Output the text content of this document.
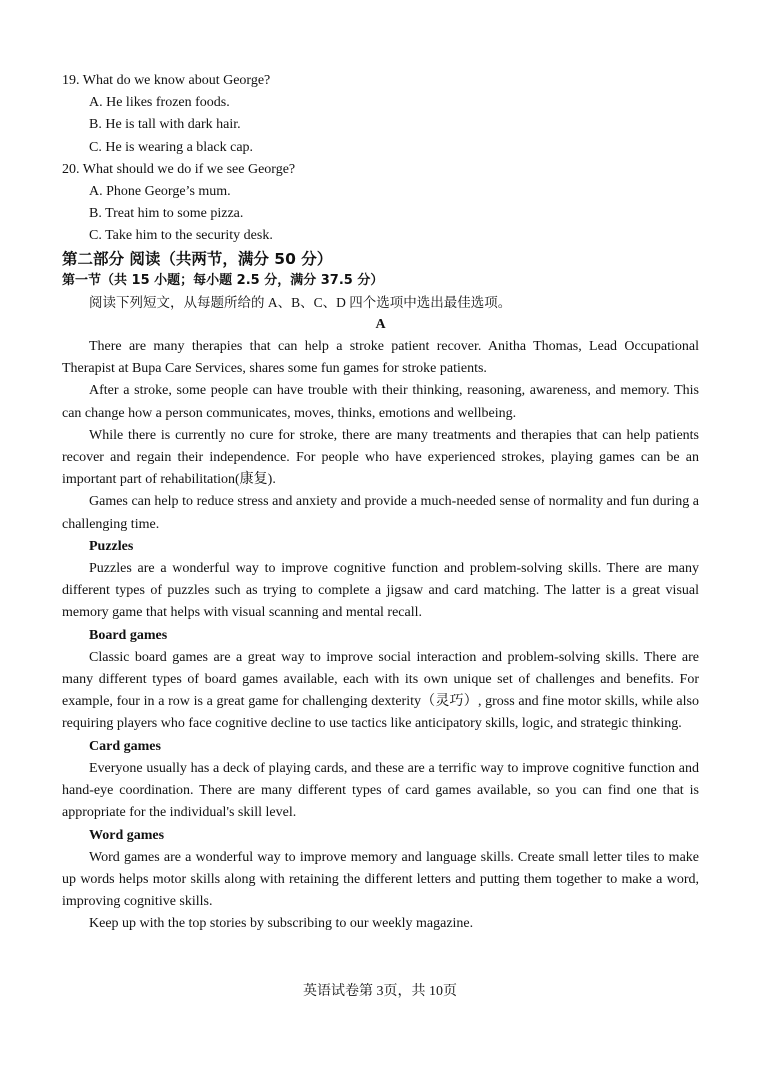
19. What do we know about George?
A. He likes frozen foods.
B. He is tall with dark hair.
C. He is wearing a black cap.
20. What should we do if we see George?
A. Phone George’s mum.
B. Treat him to some pizza.
C. Take him to the security desk.
第二部分 阅读（共两节，满分 50 分）
第一节（共 15 小题；每小题 2.5 分，满分 37.5 分）
阅读下列短文，从每题所给的 A、B、C、D 四个选项中选出最佳选项。
A

There are many therapies that can help a stroke patient recover. Anitha Thomas, Lead Occupational Therapist at Bupa Care Services, shares some fun games for stroke patients.

After a stroke, some people can have trouble with their thinking, reasoning, awareness, and memory. This can change how a person communicates, moves, thinks, emotions and wellbeing.

While there is currently no cure for stroke, there are many treatments and therapies that can help patients recover and regain their independence. For people who have experienced strokes, playing games can be an important part of rehabilitation(康复).

Games can help to reduce stress and anxiety and provide a much-needed sense of normality and fun during a challenging time.

Puzzles

Puzzles are a wonderful way to improve cognitive function and problem-solving skills. There are many different types of puzzles such as trying to complete a jigsaw and card matching. The latter is a great visual memory game that helps with visual scanning and mental recall.

Board games

Classic board games are a great way to improve social interaction and problem-solving skills. There are many different types of board games available, each with its own unique set of challenges and benefits. For example, four in a row is a great game for challenging dexterity（灵巧）, gross and fine motor skills, while also requiring players who face cognitive decline to use tactics like anticipatory skills, logic, and strategic thinking.

Card games

Everyone usually has a deck of playing cards, and these are a terrific way to improve cognitive function and hand-eye coordination. There are many different types of card games available, so you can find one that is appropriate for the individual's skill level.

Word games

Word games are a wonderful way to improve memory and language skills. Create small letter tiles to make up words helps motor skills along with retaining the different letters and putting them together to make a word, improving cognitive skills.

Keep up with the top stories by subscribing to our weekly magazine.

英语试卷第 3页，共 10页
